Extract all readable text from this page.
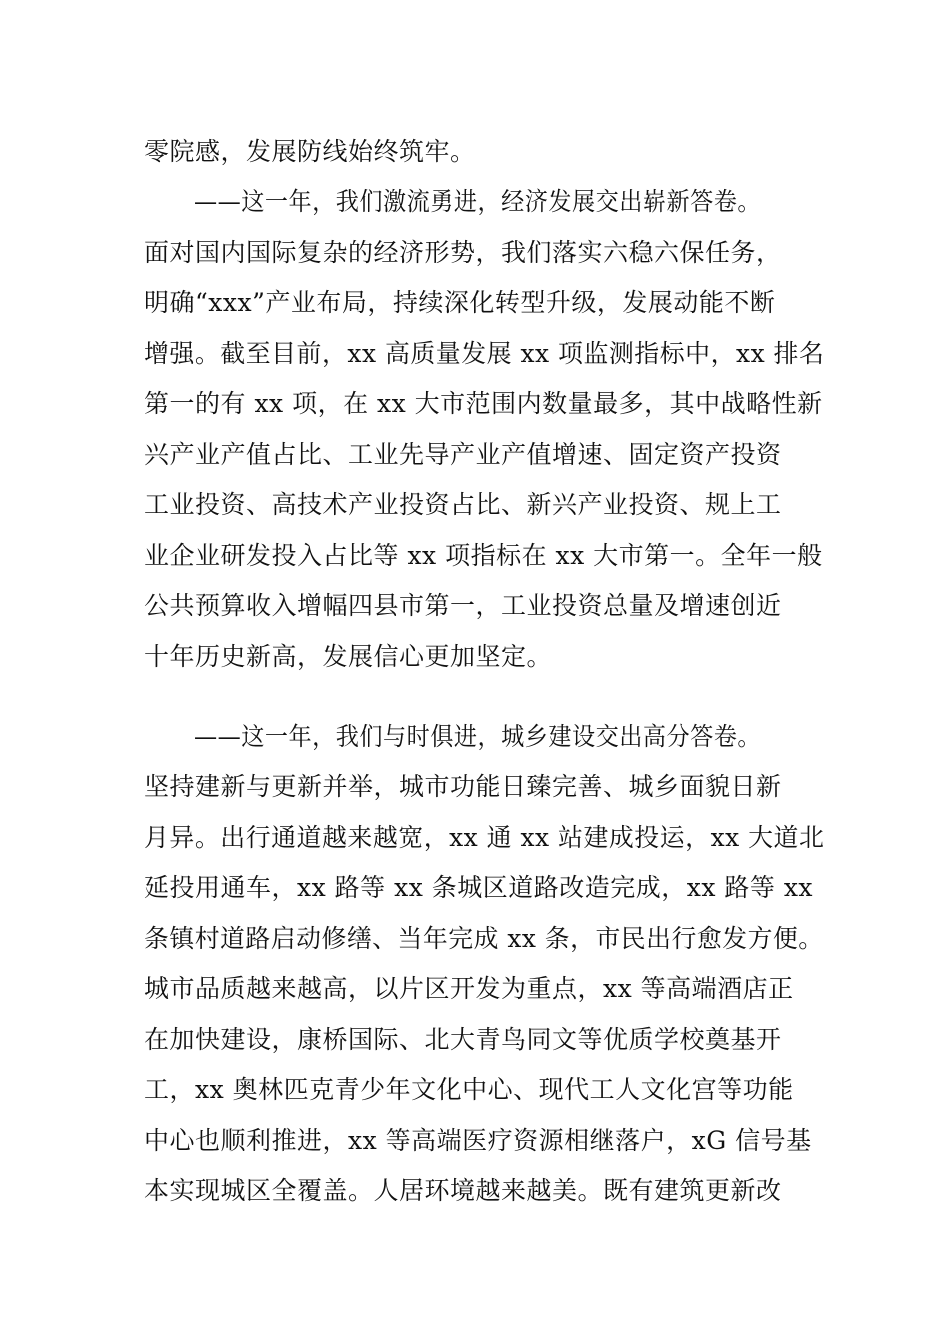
零院感，发展防线始终筑牢。
——这一年，我们激流勇进，经济发展交出崭新答卷。
面对国内国际复杂的经济形势，我们落实六稳六保任务，
明确“xxx”产业布局，持续深化转型升级，发展动能不断
增强。截至目前，xx 高质量发展 xx 项监测指标中，xx 排名
第一的有 xx 项，在 xx 大市范围内数量最多，其中战略性新
兴产业产值占比、工业先导产业产值增速、固定资产投资
工业投资、高技术产业投资占比、新兴产业投资、规上工
业企业研发投入占比等 xx 项指标在 xx 大市第一。全年一般
公共预算收入增幅四县市第一，工业投资总量及增速创近
十年历史新高，发展信心更加坚定。
——这一年，我们与时俱进，城乡建设交出高分答卷。
坚持建新与更新并举，城市功能日臻完善、城乡面貌日新
月异。出行通道越来越宽，xx 通 xx 站建成投运，xx 大道北
延投用通车，xx 路等 xx 条城区道路改造完成，xx 路等 xx
条镇村道路启动修缮、当年完成 xx 条，市民出行愈发方便。
城市品质越来越高，以片区开发为重点，xx 等高端酒店正
在加快建设，康桥国际、北大青鸟同文等优质学校奠基开
工，xx 奥林匹克青少年文化中心、现代工人文化宫等功能
中心也顺利推进，xx 等高端医疗资源相继落户，xG 信号基
本实现城区全覆盖。人居环境越来越美。既有建筑更新改
